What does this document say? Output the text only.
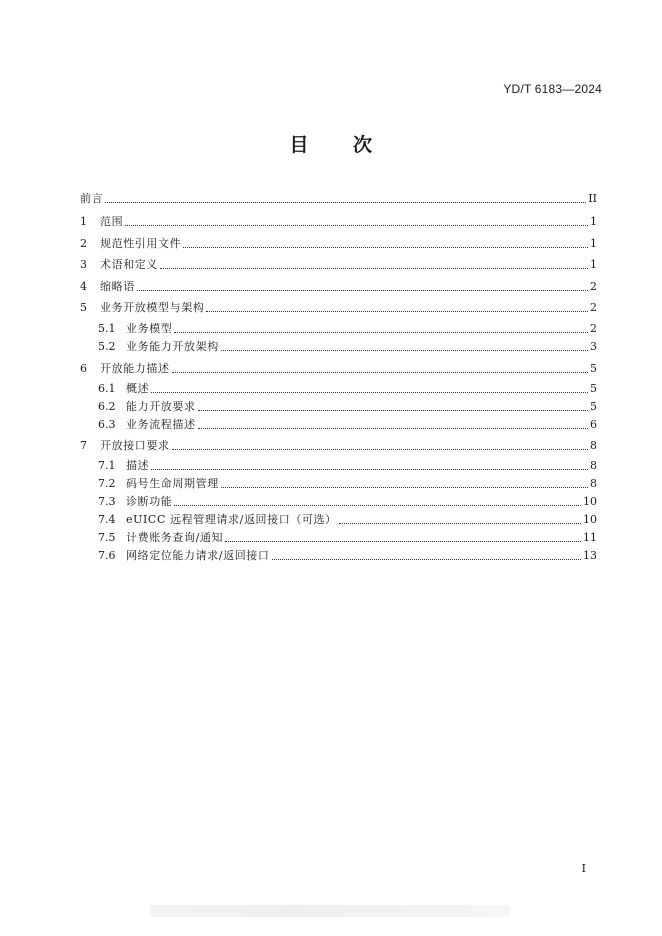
YD/T 6183—2024
目 次
前言	II
1	范围	1
2	规范性引用文件	1
3	术语和定义	1
4	缩略语	2
5	业务开放模型与架构	2
5.1 业务模型	2
5.2 业务能力开放架构	3
6	开放能力描述	5
6.1 概述	5
6.2 能力开放要求	5
6.3 业务流程描述	6
7	开放接口要求	8
7.1 描述	8
7.2 码号生命周期管理	8
7.3 诊断功能	10
7.4 eUICC 远程管理请求/返回接口（可选）	10
7.5 计费账务查询/通知	11
7.6 网络定位能力请求/返回接口	13
I
